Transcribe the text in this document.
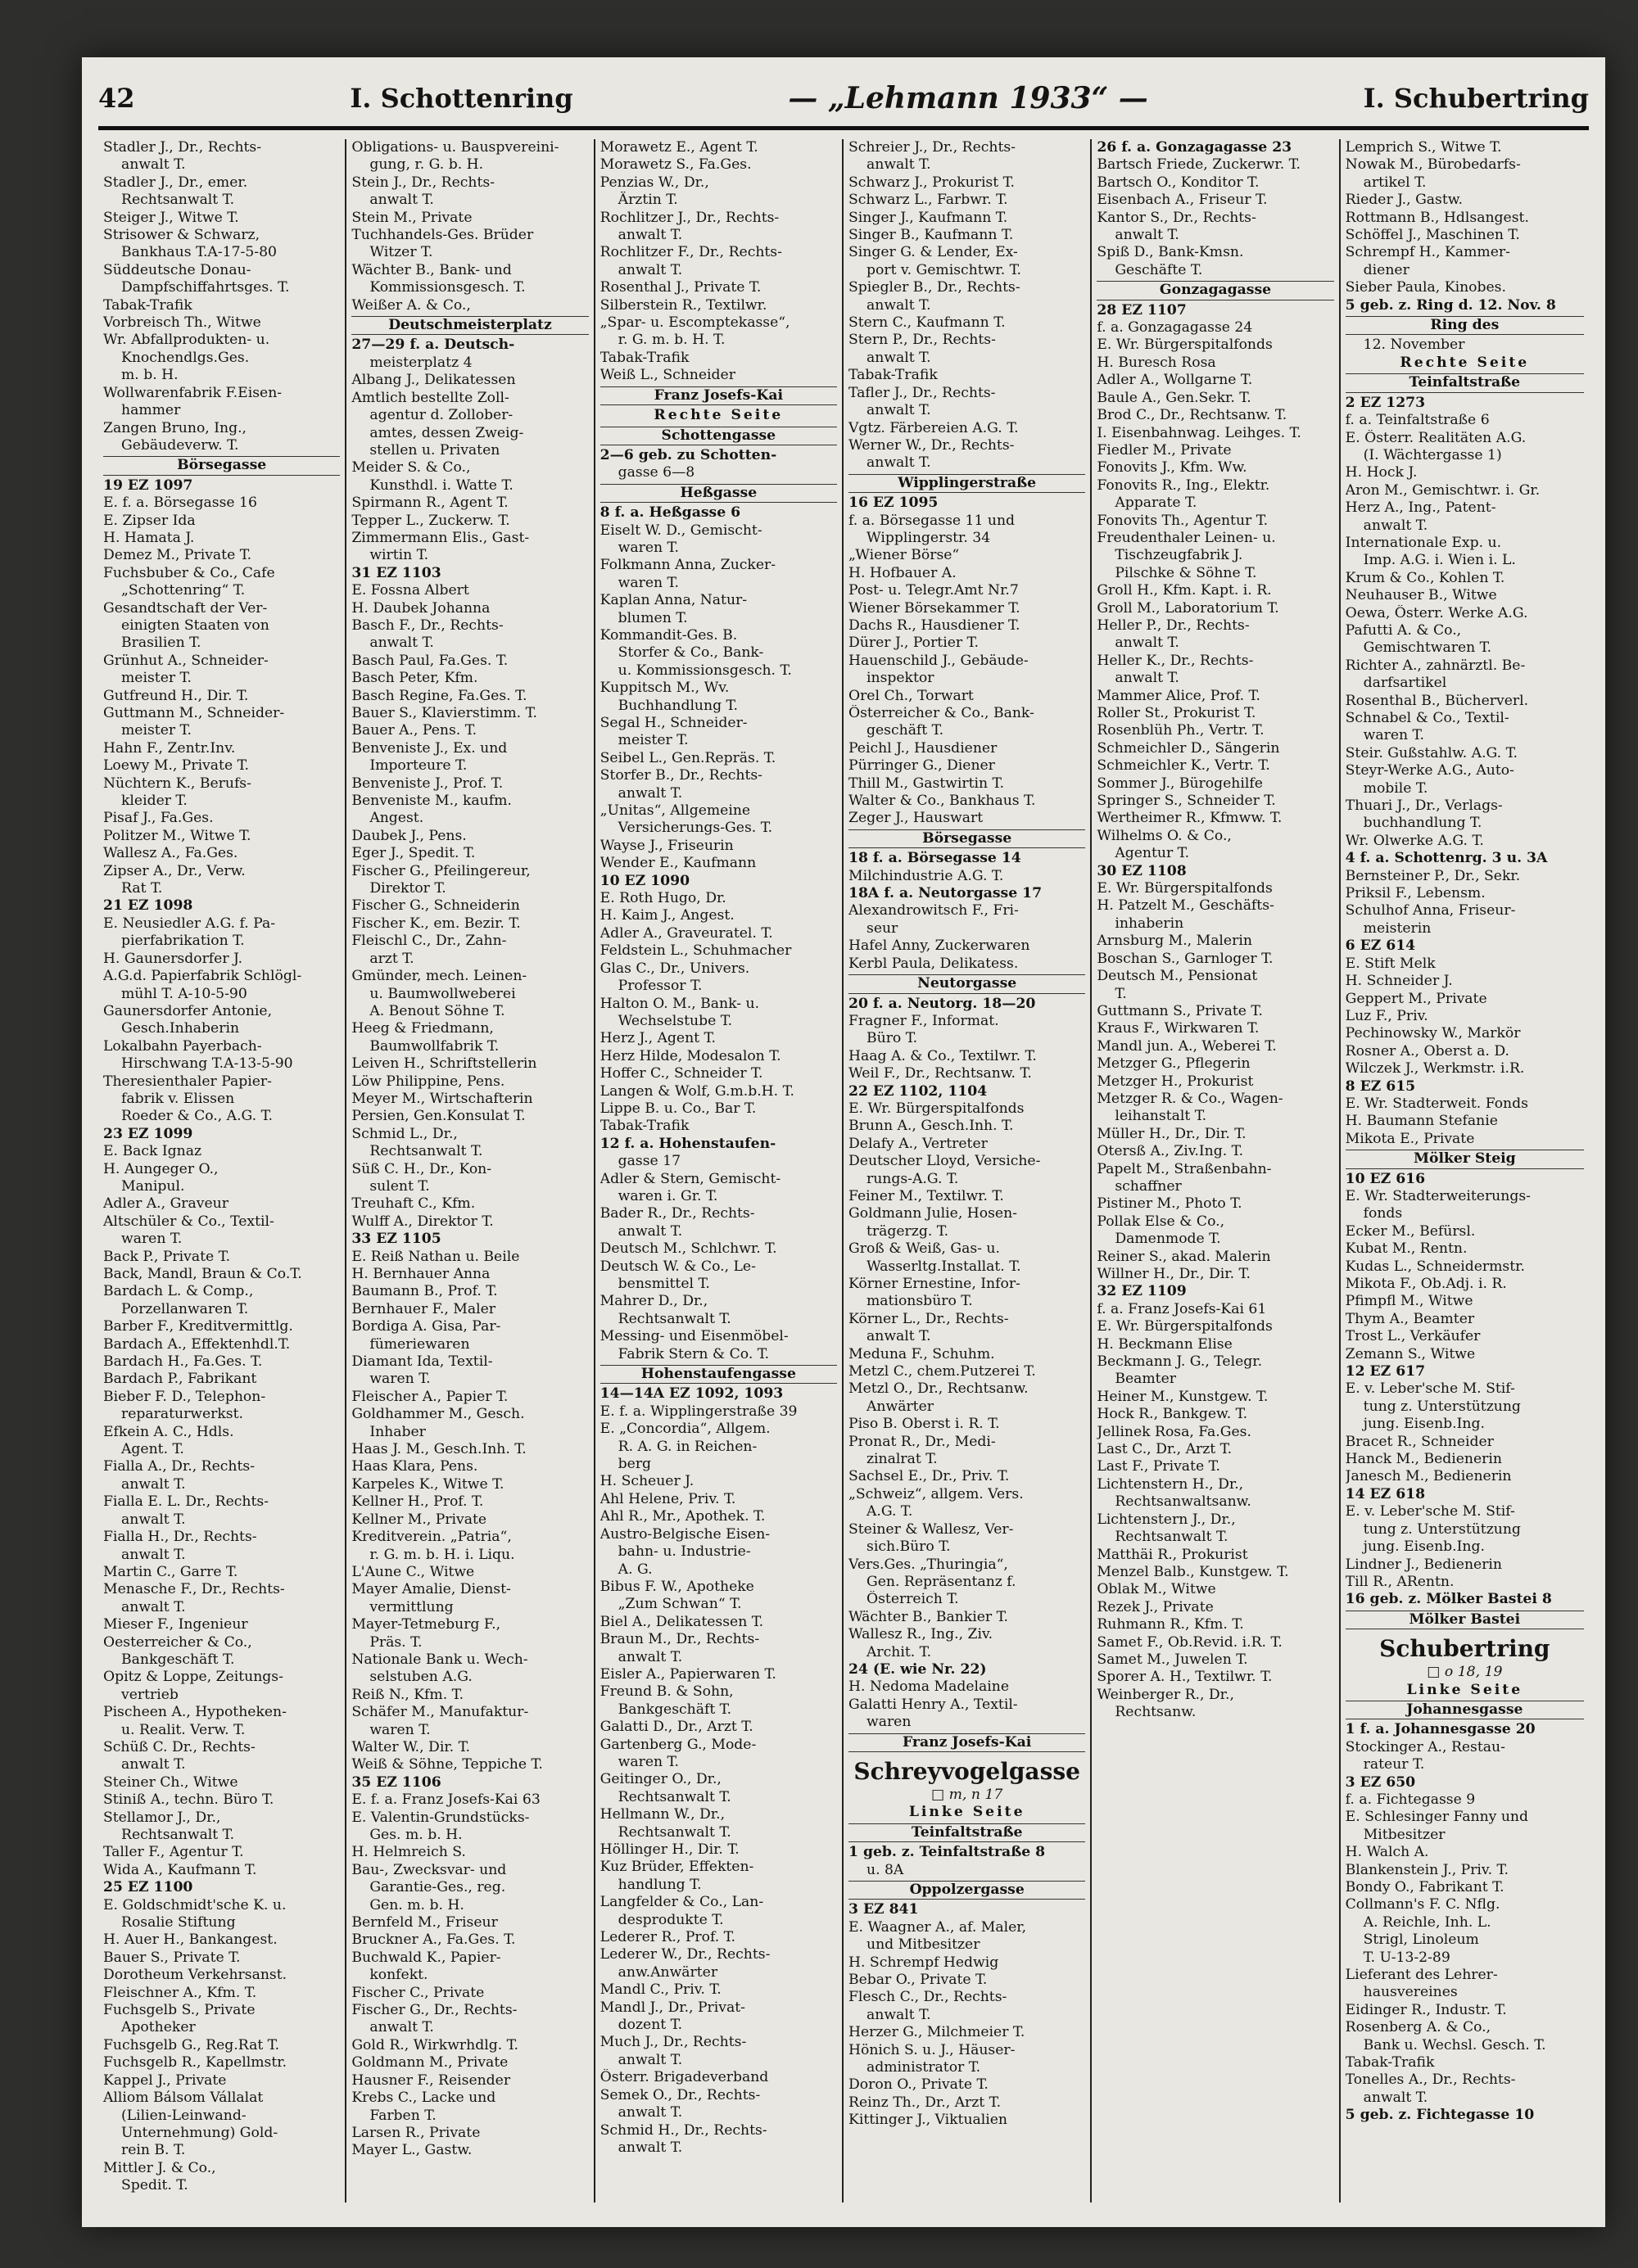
42	I. Schottenring	— „Lehmann 1933“ —	I. Schubertring
Stadler J., Dr., Rechts-
anwalt T.
Stadler J., Dr., emer.
Rechtsanwalt T.
Steiger J., Witwe T.
Strisower & Schwarz,
Bankhaus T.A-17-5-80
Süddeutsche Donau-
Dampfschiffahrtsges. T.
Tabak-Trafik
Vorbreisch Th., Witwe
Wr. Abfallprodukten- u.
Knochendlgs.Ges.
m. b. H.
Wollwarenfabrik F.Eisen-
hammer
Zangen Bruno, Ing.,
Gebäudeverw. T.
Börsegasse
19 EZ 1097
E. f. a. Börsegasse 16
E. Zipser Ida
H. Hamata J.
Demez M., Private T.
Fuchsbuber & Co., Cafe
„Schottenring“ T.
Gesandtschaft der Ver-
einigten Staaten von
Brasilien T.
Grünhut A., Schneider-
meister T.
Gutfreund H., Dir. T.
Guttmann M., Schneider-
meister T.
Hahn F., Zentr.Inv.
Loewy M., Private T.
Nüchtern K., Berufs-
kleider T.
Pisaf J., Fa.Ges.
Politzer M., Witwe T.
Wallesz A., Fa.Ges.
Zipser A., Dr., Verw.
Rat T.
21 EZ 1098
E. Neusiedler A.G. f. Pa-
pierfabrikation T.
H. Gaunersdorfer J.
A.G.d. Papierfabrik Schlögl-
mühl T. A-10-5-90
Gaunersdorfer Antonie,
Gesch.Inhaberin
Lokalbahn Payerbach-
Hirschwang T.A-13-5-90
Theresienthaler Papier-
fabrik v. Elissen
Roeder & Co., A.G. T.
23 EZ 1099
E. Back Ignaz
H. Aungeger O.,
Manipul.
Adler A., Graveur
Altschüler & Co., Textil-
waren T.
Back P., Private T.
Back, Mandl, Braun & Co.T.
Bardach L. & Comp.,
Porzellanwaren T.
Barber F., Kreditvermittlg.
Bardach A., Effektenhdl.T.
Bardach H., Fa.Ges. T.
Bardach P., Fabrikant
Bieber F. D., Telephon-
reparaturwerkst.
Efkein A. C., Hdls.
Agent. T.
Fialla A., Dr., Rechts-
anwalt T.
Fialla E. L. Dr., Rechts-
anwalt T.
Fialla H., Dr., Rechts-
anwalt T.
Martin C., Garre T.
Menasche F., Dr., Rechts-
anwalt T.
Mieser F., Ingenieur
Oesterreicher & Co.,
Bankgeschäft T.
Opitz & Loppe, Zeitungs-
vertrieb
Pischeen A., Hypotheken-
u. Realit. Verw. T.
Schüß C. Dr., Rechts-
anwalt T.
Steiner Ch., Witwe
Stiniß A., techn. Büro T.
Stellamor J., Dr.,
Rechtsanwalt T.
Taller F., Agentur T.
Wida A., Kaufmann T.
25 EZ 1100
E. Goldschmidt'sche K. u.
Rosalie Stiftung
H. Auer H., Bankangest.
Bauer S., Private T.
Dorotheum Verkehrsanst.
Fleischner A., Kfm. T.
Fuchsgelb S., Private
Apotheker
Fuchsgelb G., Reg.Rat T.
Fuchsgelb R., Kapellmstr.
Kappel J., Private
Alliom Bálsom Vállalat
(Lilien-Leinwand-
Unternehmung) Gold-
rein B. T.
Mittler J. & Co.,
Spedit. T.
Obligations- u. Bauspvereini-
gung, r. G. b. H.
Stein J., Dr., Rechts-
anwalt T.
Stein M., Private
Tuchhandels-Ges. Brüder
Witzer T.
Wächter B., Bank- und
Kommissionsgesch. T.
Weißer A. & Co.,
Deutschmeisterplatz
27—29 f. a. Deutsch-
meisterplatz 4
Albang J., Delikatessen
Amtlich bestellte Zoll-
agentur d. Zollober-
amtes, dessen Zweig-
stellen u. Privaten
Meider S. & Co.,
Kunsthdl. i. Watte T.
Spirmann R., Agent T.
Tepper L., Zuckerw. T.
Zimmermann Elis., Gast-
wirtin T.
31 EZ 1103
E. Fossna Albert
H. Daubek Johanna
Basch F., Dr., Rechts-
anwalt T.
Basch Paul, Fa.Ges. T.
Basch Peter, Kfm.
Basch Regine, Fa.Ges. T.
Bauer S., Klavierstimm. T.
Bauer A., Pens. T.
Benveniste J., Ex. und
Importeure T.
Benveniste J., Prof. T.
Benveniste M., kaufm.
Angest.
Daubek J., Pens.
Eger J., Spedit. T.
Fischer G., Pfeilingereur,
Direktor T.
Fischer G., Schneiderin
Fischer K., em. Bezir. T.
Fleischl C., Dr., Zahn-
arzt T.
Gmünder, mech. Leinen-
u. Baumwollweberei
A. Benout Söhne T.
Heeg & Friedmann,
Baumwollfabrik T.
Leiven H., Schriftstellerin
Löw Philippine, Pens.
Meyer M., Wirtschafterin
Persien, Gen.Konsulat T.
Schmid L., Dr.,
Rechtsanwalt T.
Süß C. H., Dr., Kon-
sulent T.
Treuhaft C., Kfm.
Wulff A., Direktor T.
33 EZ 1105
E. Reiß Nathan u. Beile
H. Bernhauer Anna
Baumann B., Prof. T.
Bernhauer F., Maler
Bordiga A. Gisa, Par-
fümeriewaren
Diamant Ida, Textil-
waren T.
Fleischer A., Papier T.
Goldhammer M., Gesch.
Inhaber
Haas J. M., Gesch.Inh. T.
Haas Klara, Pens.
Karpeles K., Witwe T.
Kellner H., Prof. T.
Kellner M., Private
Kreditverein. „Patria“,
r. G. m. b. H. i. Liqu.
L'Aune C., Witwe
Mayer Amalie, Dienst-
vermittlung
Mayer-Tetmeburg F.,
Präs. T.
Nationale Bank u. Wech-
selstuben A.G.
Reiß N., Kfm. T.
Schäfer M., Manufaktur-
waren T.
Walter W., Dir. T.
Weiß & Söhne, Teppiche T.
35 EZ 1106
E. f. a. Franz Josefs-Kai 63
E. Valentin-Grundstücks-
Ges. m. b. H.
H. Helmreich S.
Bau-, Zwecksvar- und
Garantie-Ges., reg.
Gen. m. b. H.
Bernfeld M., Friseur
Bruckner A., Fa.Ges. T.
Buchwald K., Papier-
konfekt.
Fischer C., Private
Fischer G., Dr., Rechts-
anwalt T.
Gold R., Wirkwrhdlg. T.
Goldmann M., Private
Hausner F., Reisender
Krebs C., Lacke und
Farben T.
Larsen R., Private
Mayer L., Gastw.
Morawetz E., Agent T.
Morawetz S., Fa.Ges.
Penzias W., Dr.,
Ärztin T.
Rochlitzer J., Dr., Rechts-
anwalt T.
Rochlitzer F., Dr., Rechts-
anwalt T.
Rosenthal J., Private T.
Silberstein R., Textilwr.
„Spar- u. Escomptekasse“,
r. G. m. b. H. T.
Tabak-Trafik
Weiß L., Schneider
Franz Josefs-Kai
Rechte Seite
Schottengasse
2—6 geb. zu Schotten-
gasse 6—8
Heßgasse
8 f. a. Heßgasse 6
Eiselt W. D., Gemischt-
waren T.
Folkmann Anna, Zucker-
waren T.
Kaplan Anna, Natur-
blumen T.
Kommandit-Ges. B.
Storfer & Co., Bank-
u. Kommissionsgesch. T.
Kuppitsch M., Wv.
Buchhandlung T.
Segal H., Schneider-
meister T.
Seibel L., Gen.Repräs. T.
Storfer B., Dr., Rechts-
anwalt T.
„Unitas“, Allgemeine
Versicherungs-Ges. T.
Wayse J., Friseurin
Wender E., Kaufmann
10 EZ 1090
E. Roth Hugo, Dr.
H. Kaim J., Angest.
Adler A., Graveuratel. T.
Feldstein L., Schuhmacher
Glas C., Dr., Univers.
Professor T.
Halton O. M., Bank- u.
Wechselstube T.
Herz J., Agent T.
Herz Hilde, Modesalon T.
Hoffer C., Schneider T.
Langen & Wolf, G.m.b.H. T.
Lippe B. u. Co., Bar T.
Tabak-Trafik
12 f. a. Hohenstaufen-
gasse 17
Adler & Stern, Gemischt-
waren i. Gr. T.
Bader R., Dr., Rechts-
anwalt T.
Deutsch M., Schlchwr. T.
Deutsch W. & Co., Le-
bensmittel T.
Mahrer D., Dr.,
Rechtsanwalt T.
Messing- und Eisenmöbel-
Fabrik Stern & Co. T.
Hohenstaufengasse
14—14A EZ 1092, 1093
E. f. a. Wipplingerstraße 39
E. „Concordia“, Allgem.
R. A. G. in Reichen-
berg
H. Scheuer J.
Ahl Helene, Priv. T.
Ahl R., Mr., Apothek. T.
Austro-Belgische Eisen-
bahn- u. Industrie-
A. G.
Bibus F. W., Apotheke
„Zum Schwan“ T.
Biel A., Delikatessen T.
Braun M., Dr., Rechts-
anwalt T.
Eisler A., Papierwaren T.
Freund B. & Sohn,
Bankgeschäft T.
Galatti D., Dr., Arzt T.
Gartenberg G., Mode-
waren T.
Geitinger O., Dr.,
Rechtsanwalt T.
Hellmann W., Dr.,
Rechtsanwalt T.
Höllinger H., Dir. T.
Kuz Brüder, Effekten-
handlung T.
Langfelder & Co., Lan-
desprodukte T.
Lederer R., Prof. T.
Lederer W., Dr., Rechts-
anw.Anwärter
Mandl C., Priv. T.
Mandl J., Dr., Privat-
dozent T.
Much J., Dr., Rechts-
anwalt T.
Österr. Brigadeverband
Semek O., Dr., Rechts-
anwalt T.
Schmid H., Dr., Rechts-
anwalt T.
Schreier J., Dr., Rechts-
anwalt T.
Schwarz J., Prokurist T.
Schwarz L., Farbwr. T.
Singer J., Kaufmann T.
Singer B., Kaufmann T.
Singer G. & Lender, Ex-
port v. Gemischtwr. T.
Spiegler B., Dr., Rechts-
anwalt T.
Stern C., Kaufmann T.
Stern P., Dr., Rechts-
anwalt T.
Tabak-Trafik
Tafler J., Dr., Rechts-
anwalt T.
Vgtz. Färbereien A.G. T.
Werner W., Dr., Rechts-
anwalt T.
Wipplingerstraße
16 EZ 1095
f. a. Börsegasse 11 und
Wipplingerstr. 34
„Wiener Börse“
H. Hofbauer A.
Post- u. Telegr.Amt Nr.7
Wiener Börsekammer T.
Dachs R., Hausdiener T.
Dürer J., Portier T.
Hauenschild J., Gebäude-
inspektor
Orel Ch., Torwart
Österreicher & Co., Bank-
geschäft T.
Peichl J., Hausdiener
Pürringer G., Diener
Thill M., Gastwirtin T.
Walter & Co., Bankhaus T.
Zeger J., Hauswart
Börsegasse
18 f. a. Börsegasse 14
Milchindustrie A.G. T.
18A f. a. Neutorgasse 17
Alexandrowitsch F., Fri-
seur
Hafel Anny, Zuckerwaren
Kerbl Paula, Delikatess.
Neutorgasse
20 f. a. Neutorg. 18—20
Fragner F., Informat.
Büro T.
Haag A. & Co., Textilwr. T.
Weil F., Dr., Rechtsanw. T.
22 EZ 1102, 1104
E. Wr. Bürgerspitalfonds
Brunn A., Gesch.Inh. T.
Delafy A., Vertreter
Deutscher Lloyd, Versiche-
rungs-A.G. T.
Feiner M., Textilwr. T.
Goldmann Julie, Hosen-
trägerzg. T.
Groß & Weiß, Gas- u.
Wasserltg.Installat. T.
Körner Ernestine, Infor-
mationsbüro T.
Körner L., Dr., Rechts-
anwalt T.
Meduna F., Schuhm.
Metzl C., chem.Putzerei T.
Metzl O., Dr., Rechtsanw.
Anwärter
Piso B. Oberst i. R. T.
Pronat R., Dr., Medi-
zinalrat T.
Sachsel E., Dr., Priv. T.
„Schweiz“, allgem. Vers.
A.G. T.
Steiner & Wallesz, Ver-
sich.Büro T.
Vers.Ges. „Thuringia“,
Gen. Repräsentanz f.
Österreich T.
Wächter B., Bankier T.
Wallesz R., Ing., Ziv.
Archit. T.
24 (E. wie Nr. 22)
H. Nedoma Madelaine
Galatti Henry A., Textil-
waren
Franz Josefs-Kai
Schreyvogelgasse
□ m, n 17
Linke Seite
Teinfaltstraße
1 geb. z. Teinfaltstraße 8
u. 8A
Oppolzergasse
3 EZ 841
E. Waagner A., af. Maler,
und Mitbesitzer
H. Schrempf Hedwig
Bebar O., Private T.
Flesch C., Dr., Rechts-
anwalt T.
Herzer G., Milchmeier T.
Hönich S. u. J., Häuser-
administrator T.
Doron O., Private T.
Reinz Th., Dr., Arzt T.
Kittinger J., Viktualien
26 f. a. Gonzagagasse 23
Bartsch Friede, Zuckerwr. T.
Bartsch O., Konditor T.
Eisenbach A., Friseur T.
Kantor S., Dr., Rechts-
anwalt T.
Spiß D., Bank-Kmsn.
Geschäfte T.
Gonzagagasse
28 EZ 1107
f. a. Gonzagagasse 24
E. Wr. Bürgerspitalfonds
H. Buresch Rosa
Adler A., Wollgarne T.
Baule A., Gen.Sekr. T.
Brod C., Dr., Rechtsanw. T.
I. Eisenbahnwag. Leihges. T.
Fiedler M., Private
Fonovits J., Kfm. Ww.
Fonovits R., Ing., Elektr.
Apparate T.
Fonovits Th., Agentur T.
Freudenthaler Leinen- u.
Tischzeugfabrik J.
Pilschke & Söhne T.
Groll H., Kfm. Kapt. i. R.
Groll M., Laboratorium T.
Heller P., Dr., Rechts-
anwalt T.
Heller K., Dr., Rechts-
anwalt T.
Mammer Alice, Prof. T.
Roller St., Prokurist T.
Rosenblüh Ph., Vertr. T.
Schmeichler D., Sängerin
Schmeichler K., Vertr. T.
Sommer J., Bürogehilfe
Springer S., Schneider T.
Wertheimer R., Kfmww. T.
Wilhelms O. & Co.,
Agentur T.
30 EZ 1108
E. Wr. Bürgerspitalfonds
H. Patzelt M., Geschäfts-
inhaberin
Arnsburg M., Malerin
Boschan S., Garnloger T.
Deutsch M., Pensionat
T.
Guttmann S., Private T.
Kraus F., Wirkwaren T.
Mandl jun. A., Weberei T.
Metzger G., Pflegerin
Metzger H., Prokurist
Metzger R. & Co., Wagen-
leihanstalt T.
Müller H., Dr., Dir. T.
Otersß A., Ziv.Ing. T.
Papelt M., Straßenbahn-
schaffner
Pistiner M., Photo T.
Pollak Else & Co.,
Damenmode T.
Reiner S., akad. Malerin
Willner H., Dr., Dir. T.
32 EZ 1109
f. a. Franz Josefs-Kai 61
E. Wr. Bürgerspitalfonds
H. Beckmann Elise
Beckmann J. G., Telegr.
Beamter
Heiner M., Kunstgew. T.
Hock R., Bankgew. T.
Jellinek Rosa, Fa.Ges.
Last C., Dr., Arzt T.
Last F., Private T.
Lichtenstern H., Dr.,
Rechtsanwaltsanw.
Lichtenstern J., Dr.,
Rechtsanwalt T.
Matthäi R., Prokurist
Menzel Balb., Kunstgew. T.
Oblak M., Witwe
Rezek J., Private
Ruhmann R., Kfm. T.
Samet F., Ob.Revid. i.R. T.
Samet M., Juwelen T.
Sporer A. H., Textilwr. T.
Weinberger R., Dr.,
Rechtsanw.
Lemprich S., Witwe T.
Nowak M., Bürobedarfs-
artikel T.
Rieder J., Gastw.
Rottmann B., Hdlsangest.
Schöffel J., Maschinen T.
Schrempf H., Kammer-
diener
Sieber Paula, Kinobes.
5 geb. z. Ring d. 12. Nov. 8
Ring des
12. November
Rechte Seite
Teinfaltstraße
2 EZ 1273
f. a. Teinfaltstraße 6
E. Österr. Realitäten A.G.
(I. Wächtergasse 1)
H. Hock J.
Aron M., Gemischtwr. i. Gr.
Herz A., Ing., Patent-
anwalt T.
Internationale Exp. u.
Imp. A.G. i. Wien i. L.
Krum & Co., Kohlen T.
Neuhauser B., Witwe
Oewa, Österr. Werke A.G.
Pafutti A. & Co.,
Gemischtwaren T.
Richter A., zahnärztl. Be-
darfsartikel
Rosenthal B., Bücherverl.
Schnabel & Co., Textil-
waren T.
Steir. Gußstahlw. A.G. T.
Steyr-Werke A.G., Auto-
mobile T.
Thuari J., Dr., Verlags-
buchhandlung T.
Wr. Olwerke A.G. T.
4 f. a. Schottenrg. 3 u. 3A
Bernsteiner P., Dr., Sekr.
Priksil F., Lebensm.
Schulhof Anna, Friseur-
meisterin
6 EZ 614
E. Stift Melk
H. Schneider J.
Geppert M., Private
Luz F., Priv.
Pechinowsky W., Markör
Rosner A., Oberst a. D.
Wilczek J., Werkmstr. i.R.
8 EZ 615
E. Wr. Stadterweit. Fonds
H. Baumann Stefanie
Mikota E., Private
Mölker Steig
10 EZ 616
E. Wr. Stadterweiterungs-
fonds
Ecker M., Befürsl.
Kubat M., Rentn.
Kudas L., Schneidermstr.
Mikota F., Ob.Adj. i. R.
Pfimpfl M., Witwe
Thym A., Beamter
Trost L., Verkäufer
Zemann S., Witwe
12 EZ 617
E. v. Leber'sche M. Stif-
tung z. Unterstützung
jung. Eisenb.Ing.
Bracet R., Schneider
Hanck M., Bedienerin
Janesch M., Bedienerin
14 EZ 618
E. v. Leber'sche M. Stif-
tung z. Unterstützung
jung. Eisenb.Ing.
Lindner J., Bedienerin
Till R., ARentn.
16 geb. z. Mölker Bastei 8
Mölker Bastei
Schubertring
□ o 18, 19
Linke Seite
Johannesgasse
1 f. a. Johannesgasse 20
Stockinger A., Restau-
rateur T.
3 EZ 650
f. a. Fichtegasse 9
E. Schlesinger Fanny und
Mitbesitzer
H. Walch A.
Blankenstein J., Priv. T.
Bondy O., Fabrikant T.
Collmann's F. C. Nflg.
A. Reichle, Inh. L.
Strigl, Linoleum
T. U-13-2-89
Lieferant des Lehrer-
hausvereines
Eidinger R., Industr. T.
Rosenberg A. & Co.,
Bank u. Wechsl. Gesch. T.
Tabak-Trafik
Tonelles A., Dr., Rechts-
anwalt T.
5 geb. z. Fichtegasse 10
